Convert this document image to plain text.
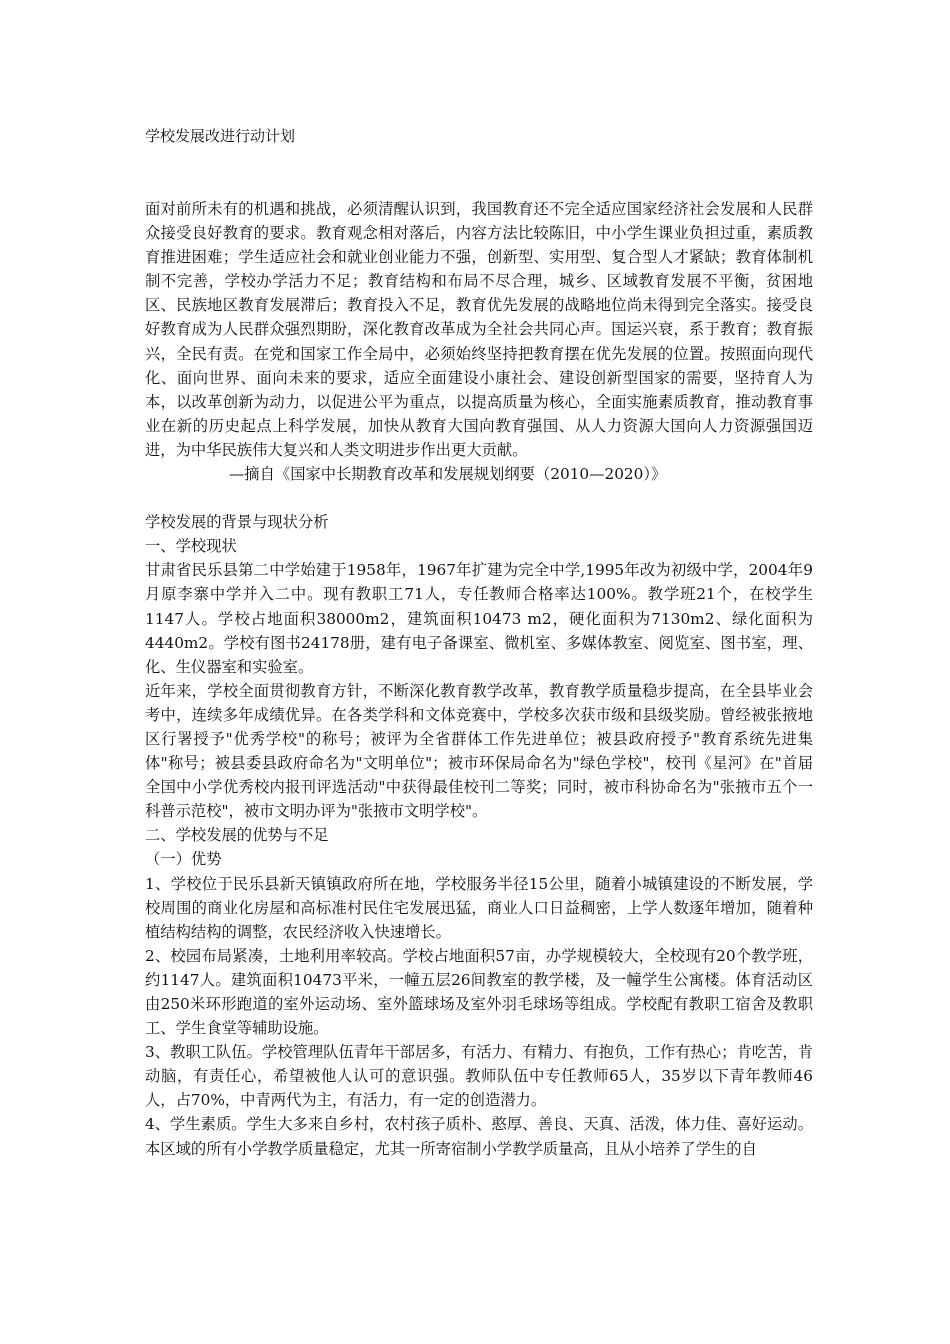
学校发展改进行动计划

面对前所未有的机遇和挑战，必须清醒认识到，我国教育还不完全适应国家经济社会发展和人民群众接受良好教育的要求。教育观念相对落后，内容方法比较陈旧，中小学生课业负担过重，素质教育推进困难；学生适应社会和就业创业能力不强，创新型、实用型、复合型人才紧缺；教育体制机制不完善，学校办学活力不足；教育结构和布局不尽合理，城乡、区域教育发展不平衡，贫困地区、民族地区教育发展滞后；教育投入不足，教育优先发展的战略地位尚未得到完全落实。接受良好教育成为人民群众强烈期盼，深化教育改革成为全社会共同心声。国运兴衰，系于教育；教育振兴，全民有责。在党和国家工作全局中，必须始终坚持把教育摆在优先发展的位置。按照面向现代化、面向世界、面向未来的要求，适应全面建设小康社会、建设创新型国家的需要，坚持育人为本，以改革创新为动力，以促进公平为重点，以提高质量为核心，全面实施素质教育，推动教育事业在新的历史起点上科学发展，加快从教育大国向教育强国、从人力资源大国向人力资源强国迈进，为中华民族伟大复兴和人类文明进步作出更大贡献。

—摘自《国家中长期教育改革和发展规划纲要（2010—2020）》

学校发展的背景与现状分析

一、学校现状

甘肃省民乐县第二中学始建于1958年，1967年扩建为完全中学,1995年改为初级中学，2004年9月原李寨中学并入二中。现有教职工71人，专任教师合格率达100%。教学班21个，在校学生1147人。学校占地面积38000m2，建筑面积10473 m2，硬化面积为7130m2、绿化面积为4440m2。学校有图书24178册，建有电子备课室、微机室、多媒体教室、阅览室、图书室，理、化、生仪器室和实验室。

近年来，学校全面贯彻教育方针，不断深化教育教学改革，教育教学质量稳步提高，在全县毕业会考中，连续多年成绩优异。在各类学科和文体竞赛中，学校多次获市级和县级奖励。曾经被张掖地区行署授予"优秀学校"的称号；被评为全省群体工作先进单位；被县政府授予"教育系统先进集体"称号；被县委县政府命名为"文明单位"；被市环保局命名为"绿色学校"，校刊《星河》在"首届全国中小学优秀校内报刊评选活动"中获得最佳校刊二等奖；同时，被市科协命名为"张掖市五个一科普示范校"，被市文明办评为"张掖市文明学校"。

二、学校发展的优势与不足

（一）优势

1、学校位于民乐县新天镇镇政府所在地，学校服务半径15公里，随着小城镇建设的不断发展，学校周围的商业化房屋和高标准村民住宅发展迅猛，商业人口日益稠密，上学人数逐年增加，随着种植结构结构的调整，农民经济收入快速增长。

2、校园布局紧凑，土地利用率较高。学校占地面积57亩，办学规模较大，全校现有20个教学班，约1147人。建筑面积10473平米，一幢五层26间教室的教学楼，及一幢学生公寓楼。体育活动区由250米环形跑道的室外运动场、室外篮球场及室外羽毛球场等组成。学校配有教职工宿舍及教职工、学生食堂等辅助设施。

3、教职工队伍。学校管理队伍青年干部居多，有活力、有精力、有抱负，工作有热心；肯吃苦，肯动脑，有责任心，希望被他人认可的意识强。教师队伍中专任教师65人，35岁以下青年教师46人，占70%，中青两代为主，有活力，有一定的创造潜力。

4、学生素质。学生大多来自乡村，农村孩子质朴、憨厚、善良、天真、活泼，体力佳、喜好运动。本区域的所有小学教学质量稳定，尤其一所寄宿制小学教学质量高，且从小培养了学生的自
